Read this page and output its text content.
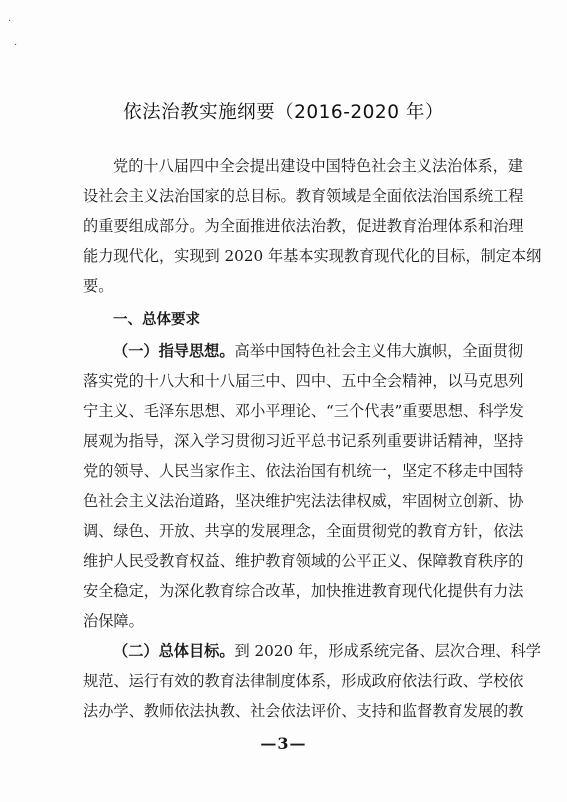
·
·
依法治教实施纲要（2016-2020 年）
党的十八届四中全会提出建设中国特色社会主义法治体系，建
设社会主义法治国家的总目标。教育领域是全面依法治国系统工程
的重要组成部分。为全面推进依法治教，促进教育治理体系和治理
能力现代化，实现到 2020 年基本实现教育现代化的目标，制定本纲
要。
一、总体要求
（一）指导思想。高举中国特色社会主义伟大旗帜，全面贯彻
落实党的十八大和十八届三中、四中、五中全会精神，以马克思列
宁主义、毛泽东思想、邓小平理论、“三个代表”重要思想、科学发
展观为指导，深入学习贯彻习近平总书记系列重要讲话精神，坚持
党的领导、人民当家作主、依法治国有机统一，坚定不移走中国特
色社会主义法治道路，坚决维护宪法法律权威，牢固树立创新、协
调、绿色、开放、共享的发展理念，全面贯彻党的教育方针，依法
维护人民受教育权益、维护教育领域的公平正义、保障教育秩序的
安全稳定，为深化教育综合改革，加快推进教育现代化提供有力法
治保障。
（二）总体目标。到 2020 年，形成系统完备、层次合理、科学
规范、运行有效的教育法律制度体系，形成政府依法行政、学校依
法办学、教师依法执教、社会依法评价、支持和监督教育发展的教
—3—
